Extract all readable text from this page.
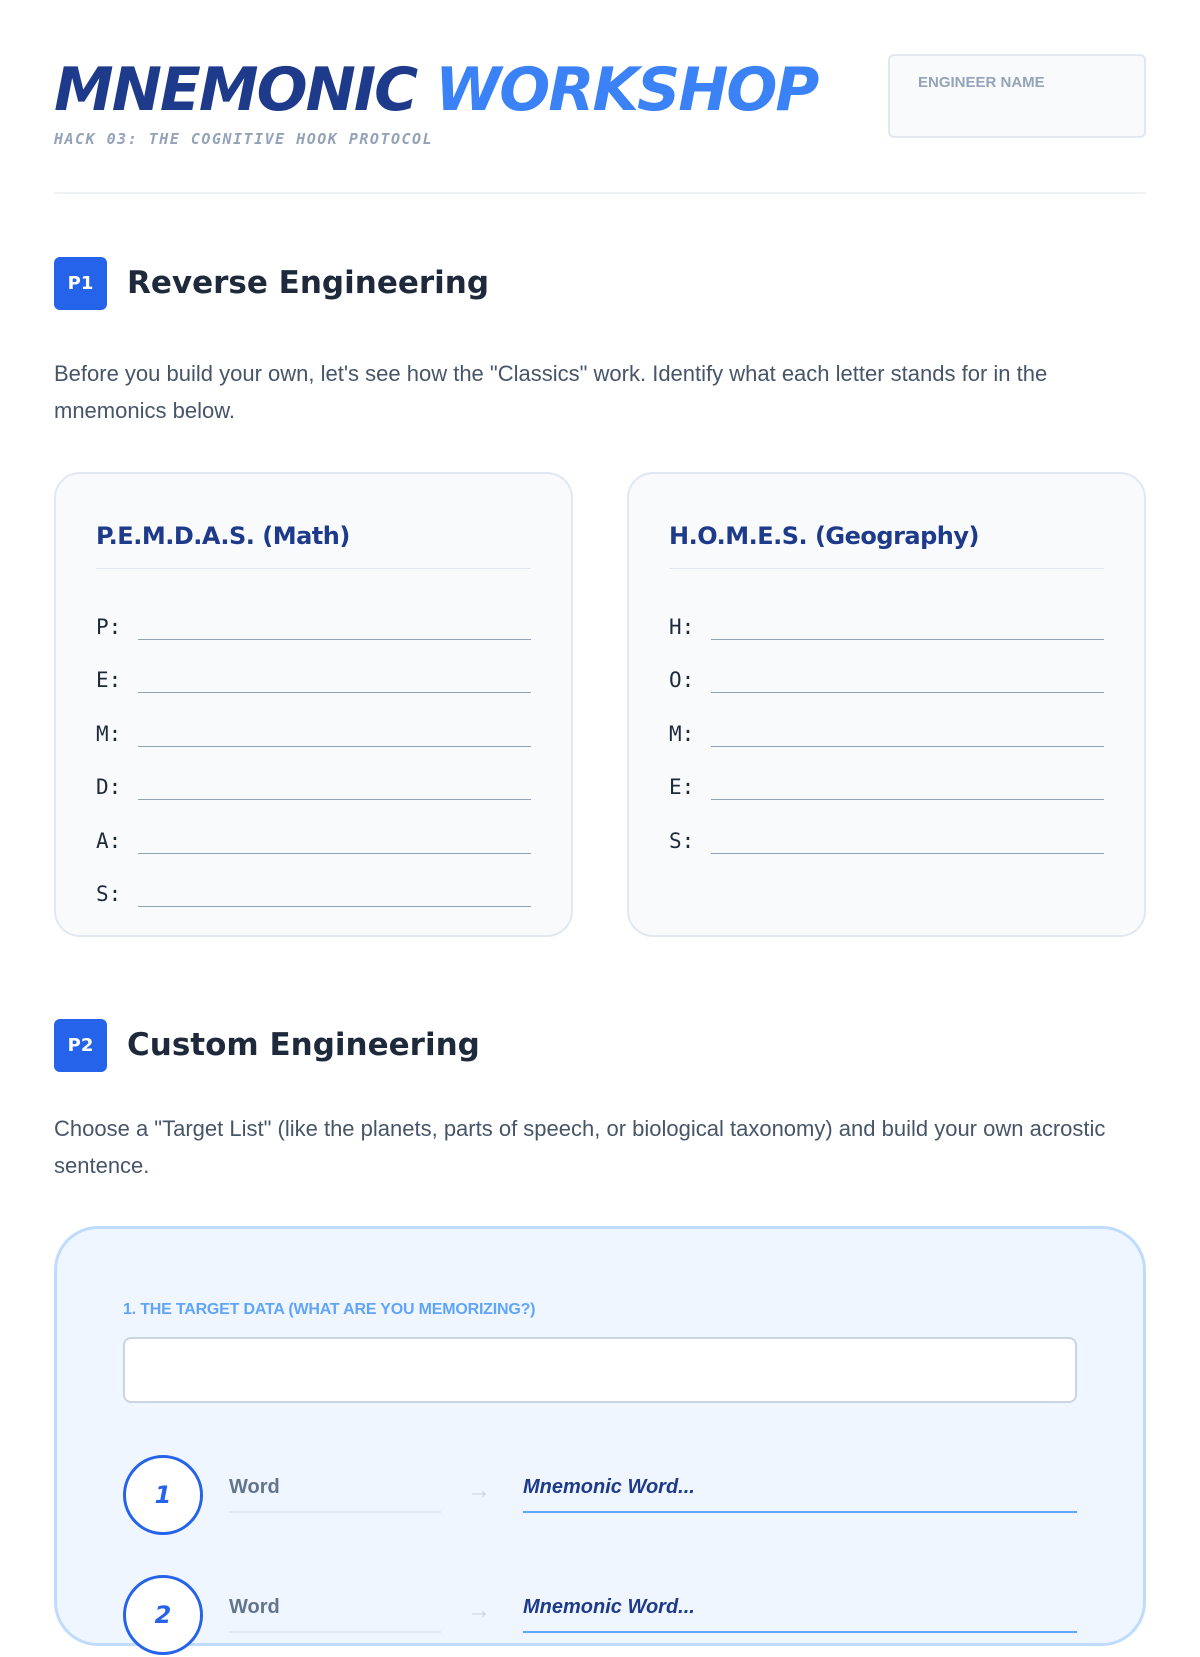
MNEMONIC WORKSHOP
HACK 03: THE COGNITIVE HOOK PROTOCOL
ENGINEER NAME
P1	Reverse Engineering
Before you build your own, let's see how the "Classics" work. Identify what each letter stands for in the mnemonics below.
P.E.M.D.A.S. (Math)
P:
E:
M:
D:
A:
S:
H.O.M.E.S. (Geography)
H:
O:
M:
E:
S:
P2	Custom Engineering
Choose a "Target List" (like the planets, parts of speech, or biological taxonomy) and build your own acrostic sentence.
1. THE TARGET DATA (WHAT ARE YOU MEMORIZING?)
1	Word	→ Mnemonic Word...
2	Word	→ Mnemonic Word...
